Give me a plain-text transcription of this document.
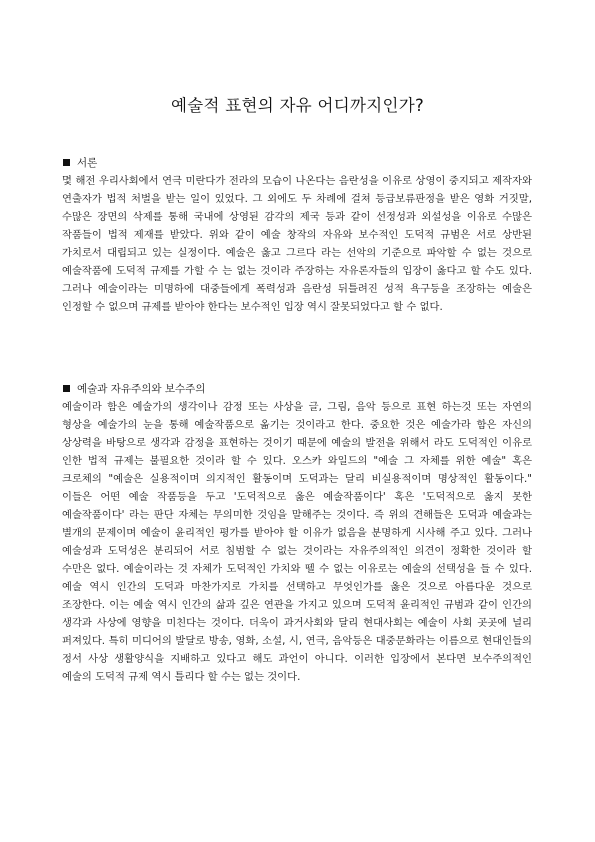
예술적 표현의 자유 어디까지인가?
서론

몇 해전 우리사회에서 연극 미란다가 전라의 모습이 나온다는 음란성을 이유로 상영이 중지되고 제작자와 연출자가 법적 처벌을 받는 일이 있었다. 그 외에도 두 차례에 걸쳐 등급보류판정을 받은 영화 거짓말, 수많은 장면의 삭제를 통해 국내에 상영된 감각의 제국 등과 같이 선정성과 외설성을 이유로 수많은 작품들이 법적 제재를 받았다. 위와 같이 예술 창작의 자유와 보수적인 도덕적 규범은 서로 상반된 가치로서 대립되고 있는 실정이다. 예술은 옳고 그르다 라는 선악의 기준으로 파악할 수 없는 것으로 예술작품에 도덕적 규제를 가할 수 는 없는 것이라 주장하는 자유론자들의 입장이 옳다고 할 수도 있다. 그러나 예술이라는 미명하에 대중들에게 폭력성과 음란성 뒤틀려진 성적 욕구등을 조장하는 예술은 인정할 수 없으며 규제를 받아야 한다는 보수적인 입장 역시 잘못되었다고 할 수 없다.

예술과 자유주의와 보수주의

예술이라 함은 예술가의 생각이나 감정 또는 사상을 글, 그림, 음악 등으로 표현 하는것 또는 자연의 형상을 예술가의 눈을 통해 예술작품으로 옮기는 것이라고 한다. 중요한 것은 예술가라 함은 자신의 상상력을 바탕으로 생각과 감정을 표현하는 것이기 때문에 예술의 발전을 위해서 라도 도덕적인 이유로 인한 법적 규제는 불필요한 것이라 할 수 있다. 오스카 와일드의 "예술 그 자체를 위한 예술" 혹은 크로체의 "예술은 실용적이며 의지적인 활동이며 도덕과는 달리 비실용적이며 명상적인 활동이다." 이들은 어떤 예술 작품등을 두고 '도덕적으로 옳은 예술작품이다' 혹은 '도덕적으로 옳지 못한 예술작품이다' 라는 판단 자체는 무의미한 것임을 말해주는 것이다. 즉 위의 견해들은 도덕과 예술과는 별개의 문제이며 예술이 윤리적인 평가를 받아야 할 이유가 없음을 분명하게 시사해 주고 있다. 그러나 예술성과 도덕성은 분리되어 서로 침범할 수 없는 것이라는 자유주의적인 의견이 정확한 것이라 할 수만은 없다. 예술이라는 것 자체가 도덕적인 가치와 뗄 수 없는 이유로는 예술의 선택성을 들 수 있다. 예술 역시 인간의 도덕과 마찬가지로 가치를 선택하고 무엇인가를 옳은 것으로 아름다운 것으로 조장한다. 이는 예술 역시 인간의 삶과 깊은 연관을 가지고 있으며 도덕적 윤리적인 규범과 같이 인간의 생각과 사상에 영향을 미친다는 것이다. 더욱이 과거사회와 달리 현대사회는 예술이 사회 곳곳에 널리 퍼져있다. 특히 미디어의 발달로 방송, 영화, 소설, 시, 연극, 음악등은 대중문화라는 이름으로 현대인들의 정서 사상 생활양식을 지배하고 있다고 해도 과언이 아니다. 이러한 입장에서 본다면 보수주의적인 예술의 도덕적 규제 역시 틀리다 할 수는 없는 것이다.
